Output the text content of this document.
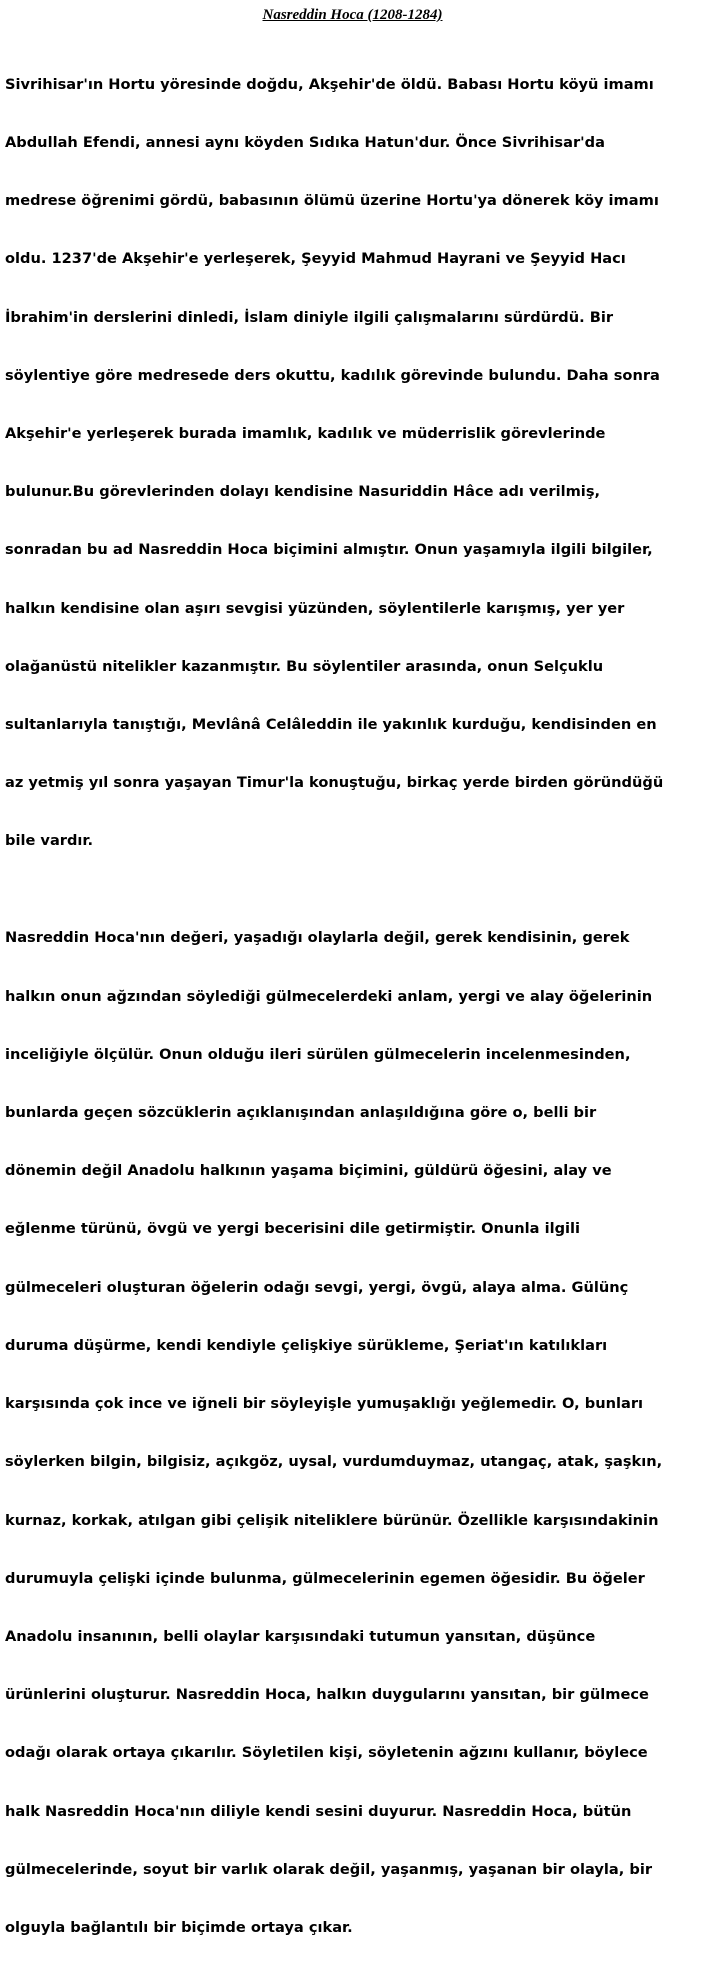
Nasreddin Hoca (1208-1284)

Sivrihisar'ın Hortu yöresinde doğdu, Akşehir'de öldü. Babası Hortu köyü imamı

Abdullah Efendi, annesi aynı köyden Sıdıka Hatun'dur. Önce Sivrihisar'da

medrese öğrenimi gördü, babasının ölümü üzerine Hortu'ya dönerek köy imamı

oldu. 1237'de Akşehir'e yerleşerek, Şeyyid Mahmud Hayrani ve Şeyyid Hacı

İbrahim'in derslerini dinledi, İslam diniyle ilgili çalışmalarını sürdürdü. Bir

söylentiye göre medresede ders okuttu, kadılık görevinde bulundu. Daha sonra

Akşehir'e yerleşerek burada imamlık, kadılık ve müderrislik görevlerinde

bulunur.Bu görevlerinden dolayı kendisine Nasuriddin Hâce adı verilmiş,

sonradan bu ad Nasreddin Hoca biçimini almıştır. Onun yaşamıyla ilgili bilgiler,

halkın kendisine olan aşırı sevgisi yüzünden, söylentilerle karışmış, yer yer

olağanüstü nitelikler kazanmıştır. Bu söylentiler arasında, onun Selçuklu

sultanlarıyla tanıştığı, Mevlânâ Celâleddin ile yakınlık kurduğu, kendisinden en

az yetmiş yıl sonra yaşayan Timur'la konuştuğu, birkaç yerde birden göründüğü

bile vardır.

Nasreddin Hoca'nın değeri, yaşadığı olaylarla değil, gerek kendisinin, gerek

halkın onun ağzından söylediği gülmecelerdeki anlam, yergi ve alay öğelerinin

inceliğiyle ölçülür. Onun olduğu ileri sürülen gülmecelerin incelenmesinden,

bunlarda geçen sözcüklerin açıklanışından anlaşıldığına göre o, belli bir

dönemin değil Anadolu halkının yaşama biçimini, güldürü öğesini, alay ve

eğlenme türünü, övgü ve yergi becerisini dile getirmiştir. Onunla ilgili

gülmeceleri oluşturan öğelerin odağı sevgi, yergi, övgü, alaya alma. Gülünç

duruma düşürme, kendi kendiyle çelişkiye sürükleme, Şeriat'ın katılıkları

karşısında çok ince ve iğneli bir söyleyişle yumuşaklığı yeğlemedir. O, bunları

söylerken bilgin, bilgisiz, açıkgöz, uysal, vurdumduymaz, utangaç, atak, şaşkın,

kurnaz, korkak, atılgan gibi çelişik niteliklere bürünür. Özellikle karşısındakinin

durumuyla çelişki içinde bulunma, gülmecelerinin egemen öğesidir. Bu öğeler

Anadolu insanının, belli olaylar karşısındaki tutumun yansıtan, düşünce

ürünlerini oluşturur. Nasreddin Hoca, halkın duygularını yansıtan, bir gülmece

odağı olarak ortaya çıkarılır. Söyletilen kişi, söyletenin ağzını kullanır, böylece

halk Nasreddin Hoca'nın diliyle kendi sesini duyurur. Nasreddin Hoca, bütün

gülmecelerinde, soyut bir varlık olarak değil, yaşanmış, yaşanan bir olayla, bir

olguyla bağlantılı bir biçimde ortaya çıkar.
